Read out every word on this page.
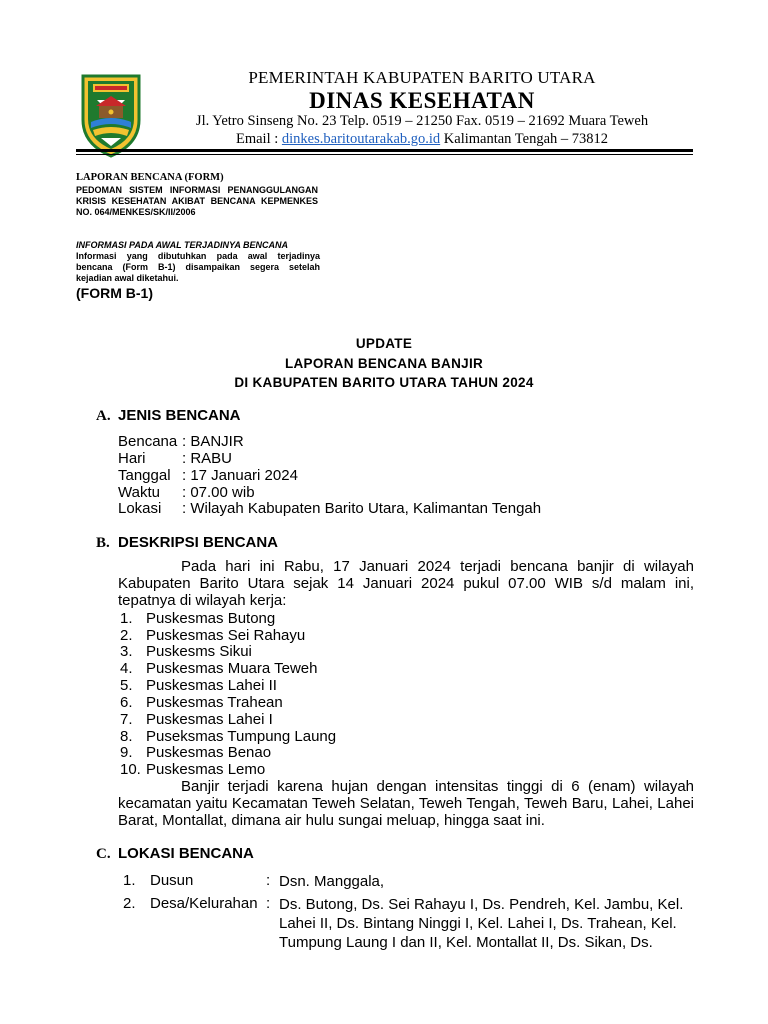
PEMERINTAH KABUPATEN BARITO UTARA
DINAS KESEHATAN
Jl. Yetro Sinseng No. 23 Telp. 0519 – 21250 Fax. 0519 – 21692 Muara Teweh
Email : dinkes.baritoutarakab.go.id Kalimantan Tengah – 73812
LAPORAN BENCANA (FORM)
PEDOMAN SISTEM INFORMASI PENANGGULANGAN KRISIS KESEHATAN AKIBAT BENCANA KEPMENKES NO. 064/MENKES/SK/II/2006
INFORMASI PADA AWAL TERJADINYA BENCANA
Informasi yang dibutuhkan pada awal terjadinya bencana (Form B-1) disampaikan segera setelah kejadian awal diketahui.
(FORM B-1)
UPDATE
LAPORAN BENCANA BANJIR
DI KABUPATEN BARITO UTARA TAHUN 2024
A. JENIS BENCANA
Bencana : BANJIR
Hari : RABU
Tanggal : 17 Januari 2024
Waktu : 07.00 wib
Lokasi : Wilayah Kabupaten Barito Utara, Kalimantan Tengah
B. DESKRIPSI BENCANA
Pada hari ini Rabu, 17 Januari 2024 terjadi bencana banjir di wilayah Kabupaten Barito Utara sejak 14 Januari 2024 pukul 07.00 WIB s/d malam ini, tepatnya di wilayah kerja:
1. Puskesmas Butong
2. Puskesmas Sei Rahayu
3. Puskesms Sikui
4. Puskesmas Muara Teweh
5. Puskesmas Lahei II
6. Puskesmas Trahean
7. Puskesmas Lahei I
8. Puseksmas Tumpung Laung
9. Puskesmas Benao
10. Puskesmas Lemo
Banjir terjadi karena hujan dengan intensitas tinggi di 6 (enam) wilayah kecamatan yaitu Kecamatan Teweh Selatan, Teweh Tengah, Teweh Baru, Lahei, Lahei Barat, Montallat, dimana air hulu sungai meluap, hingga saat ini.
C. LOKASI BENCANA
1. Dusun	: Dsn. Manggala,
2. Desa/Kelurahan : Ds. Butong, Ds. Sei Rahayu I, Ds. Pendreh, Kel. Jambu, Kel. Lahei II, Ds. Bintang Ninggi I, Kel. Lahei I, Ds. Trahean, Kel. Tumpung Laung I dan II, Kel. Montallat II, Ds. Sikan, Ds.
